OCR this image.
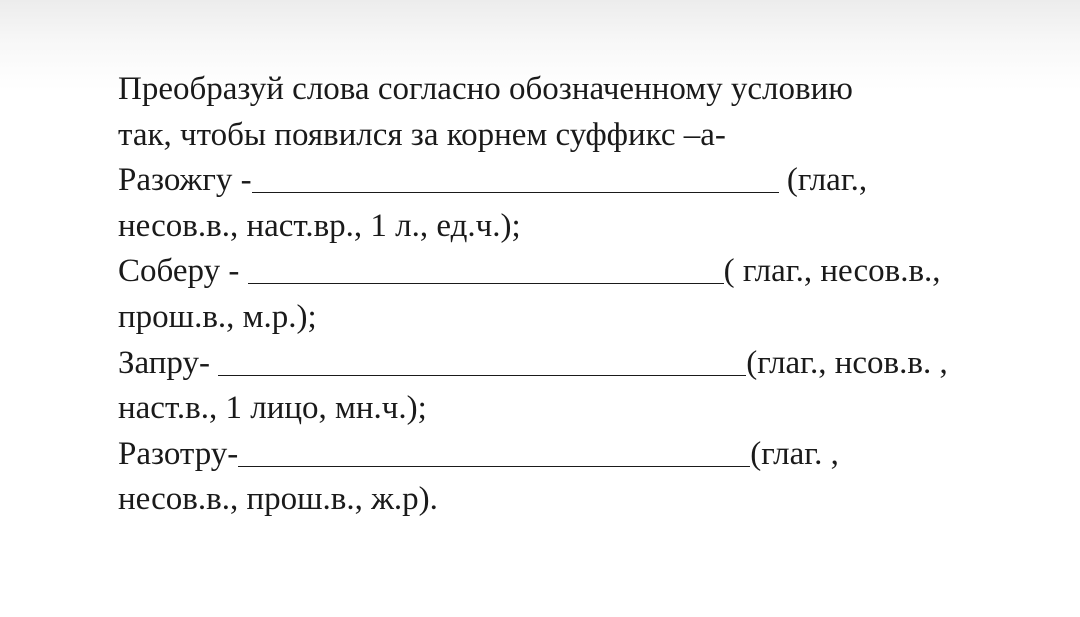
Преобразуй слова согласно обозначенному условию
так, чтобы появился за корнем суффикс –а-
Разожгу -	(глаг.,
несов.в., наст.вр., 1 л., ед.ч.);
Соберу -	( глаг., несов.в.,
прош.в., м.р.);
Запру-	(глаг., нсов.в. ,
наст.в., 1 лицо, мн.ч.);
Разотру-	(глаг. ,
несов.в., прош.в., ж.р).
